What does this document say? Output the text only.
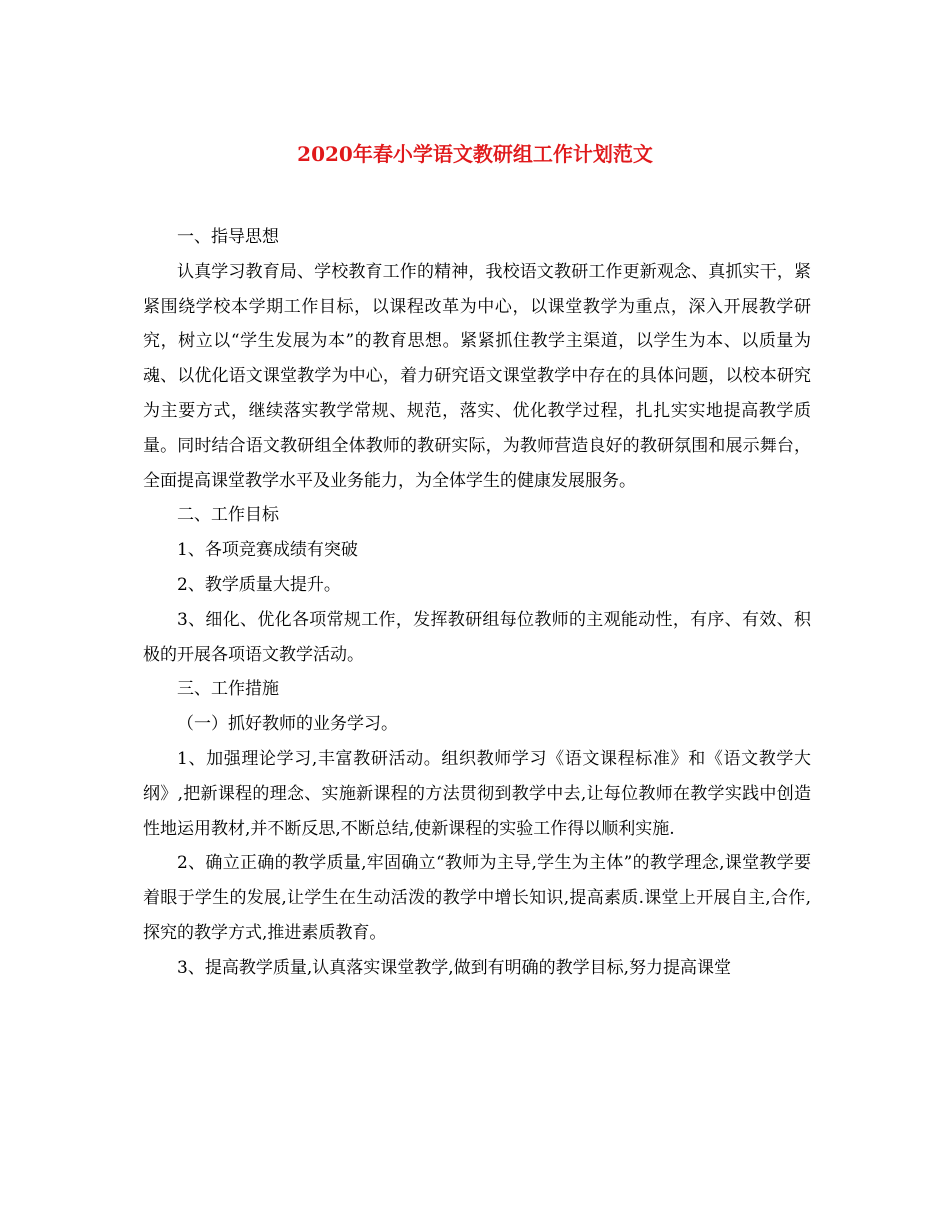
2020年春小学语文教研组工作计划范文

一、指导思想

认真学习教育局、学校教育工作的精神，我校语文教研工作更新观念、真抓实干，紧紧围绕学校本学期工作目标，以课程改革为中心，以课堂教学为重点，深入开展教学研究，树立以“学生发展为本”的教育思想。紧紧抓住教学主渠道，以学生为本、以质量为魂、以优化语文课堂教学为中心，着力研究语文课堂教学中存在的具体问题，以校本研究为主要方式，继续落实教学常规、规范，落实、优化教学过程，扎扎实实地提高教学质量。同时结合语文教研组全体教师的教研实际，为教师营造良好的教研氛围和展示舞台，全面提高课堂教学水平及业务能力，为全体学生的健康发展服务。

二、工作目标

1、各项竞赛成绩有突破

2、教学质量大提升。

3、细化、优化各项常规工作，发挥教研组每位教师的主观能动性，有序、有效、积极的开展各项语文教学活动。

三、工作措施

（一）抓好教师的业务学习。

1、加强理论学习,丰富教研活动。组织教师学习《语文课程标准》和《语文教学大纲》,把新课程的理念、实施新课程的方法贯彻到教学中去,让每位教师在教学实践中创造性地运用教材,并不断反思,不断总结,使新课程的实验工作得以顺利实施.

2、确立正确的教学质量,牢固确立“教师为主导,学生为主体”的教学理念,课堂教学要着眼于学生的发展,让学生在生动活泼的教学中增长知识,提高素质.课堂上开展自主,合作,探究的教学方式,推进素质教育。

3、提高教学质量,认真落实课堂教学,做到有明确的教学目标,努力提高课堂
